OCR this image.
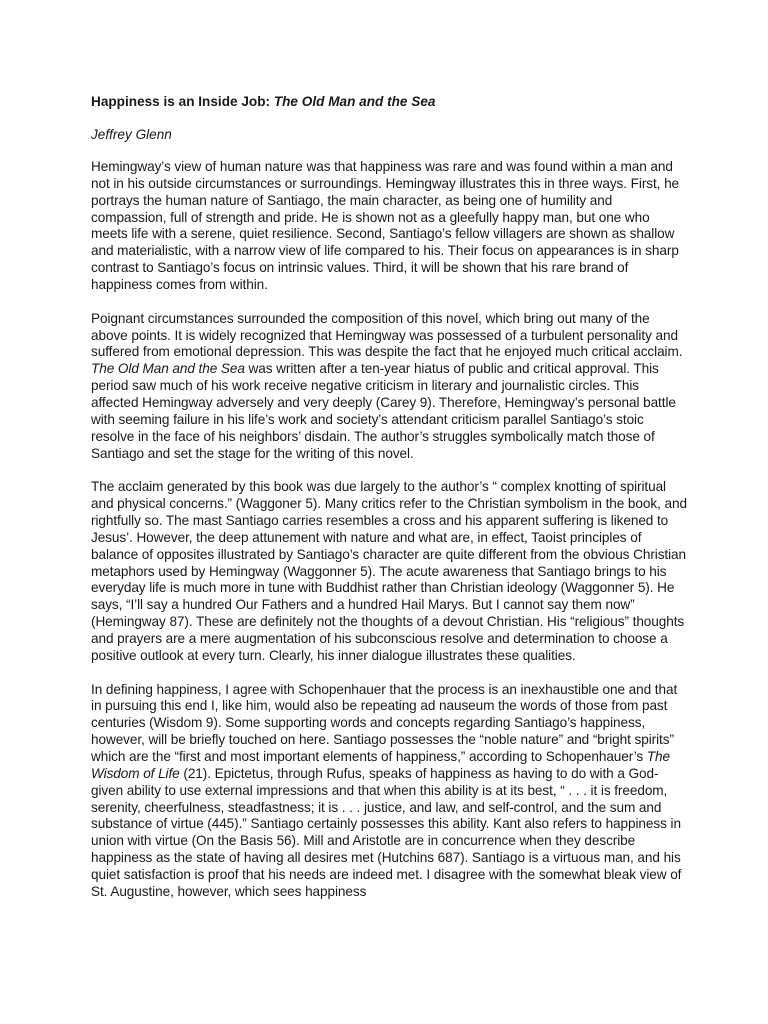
Happiness is an Inside Job: The Old Man and the Sea
Jeffrey Glenn

Hemingway’s view of human nature was that happiness was rare and was found within a man and not in his outside circumstances or surroundings. Hemingway illustrates this in three ways. First, he portrays the human nature of Santiago, the main character, as being one of humility and compassion, full of strength and pride. He is shown not as a gleefully happy man, but one who meets life with a serene, quiet resilience. Second, Santiago’s fellow villagers are shown as shallow and materialistic, with a narrow view of life compared to his. Their focus on appearances is in sharp contrast to Santiago’s focus on intrinsic values. Third, it will be shown that his rare brand of happiness comes from within.

Poignant circumstances surrounded the composition of this novel, which bring out many of the above points. It is widely recognized that Hemingway was possessed of a turbulent personality and suffered from emotional depression. This was despite the fact that he enjoyed much critical acclaim. The Old Man and the Sea was written after a ten-year hiatus of public and critical approval. This period saw much of his work receive negative criticism in literary and journalistic circles. This affected Hemingway adversely and very deeply (Carey 9). Therefore, Hemingway’s personal battle with seeming failure in his life’s work and society’s attendant criticism parallel Santiago’s stoic resolve in the face of his neighbors’ disdain. The author’s struggles symbolically match those of Santiago and set the stage for the writing of this novel.

The acclaim generated by this book was due largely to the author’s “ complex knotting of spiritual and physical concerns.” (Waggoner 5). Many critics refer to the Christian symbolism in the book, and rightfully so. The mast Santiago carries resembles a cross and his apparent suffering is likened to Jesus’. However, the deep attunement with nature and what are, in effect, Taoist principles of balance of opposites illustrated by Santiago’s character are quite different from the obvious Christian metaphors used by Hemingway (Waggonner 5). The acute awareness that Santiago brings to his everyday life is much more in tune with Buddhist rather than Christian ideology (Waggonner 5). He says, “I’ll say a hundred Our Fathers and a hundred Hail Marys. But I cannot say them now” (Hemingway 87). These are definitely not the thoughts of a devout Christian. His “religious” thoughts and prayers are a mere augmentation of his subconscious resolve and determination to choose a positive outlook at every turn. Clearly, his inner dialogue illustrates these qualities.

In defining happiness, I agree with Schopenhauer that the process is an inexhaustible one and that in pursuing this end I, like him, would also be repeating ad nauseum the words of those from past centuries (Wisdom 9). Some supporting words and concepts regarding Santiago’s happiness, however, will be briefly touched on here. Santiago possesses the “noble nature” and “bright spirits” which are the “first and most important elements of happiness,” according to Schopenhauer’s The Wisdom of Life (21). Epictetus, through Rufus, speaks of happiness as having to do with a God-given ability to use external impressions and that when this ability is at its best, “ . . . it is freedom, serenity, cheerfulness, steadfastness; it is . . . justice, and law, and self-control, and the sum and substance of virtue (445).” Santiago certainly possesses this ability. Kant also refers to happiness in union with virtue (On the Basis 56). Mill and Aristotle are in concurrence when they describe happiness as the state of having all desires met (Hutchins 687). Santiago is a virtuous man, and his quiet satisfaction is proof that his needs are indeed met. I disagree with the somewhat bleak view of St. Augustine, however, which sees happiness
